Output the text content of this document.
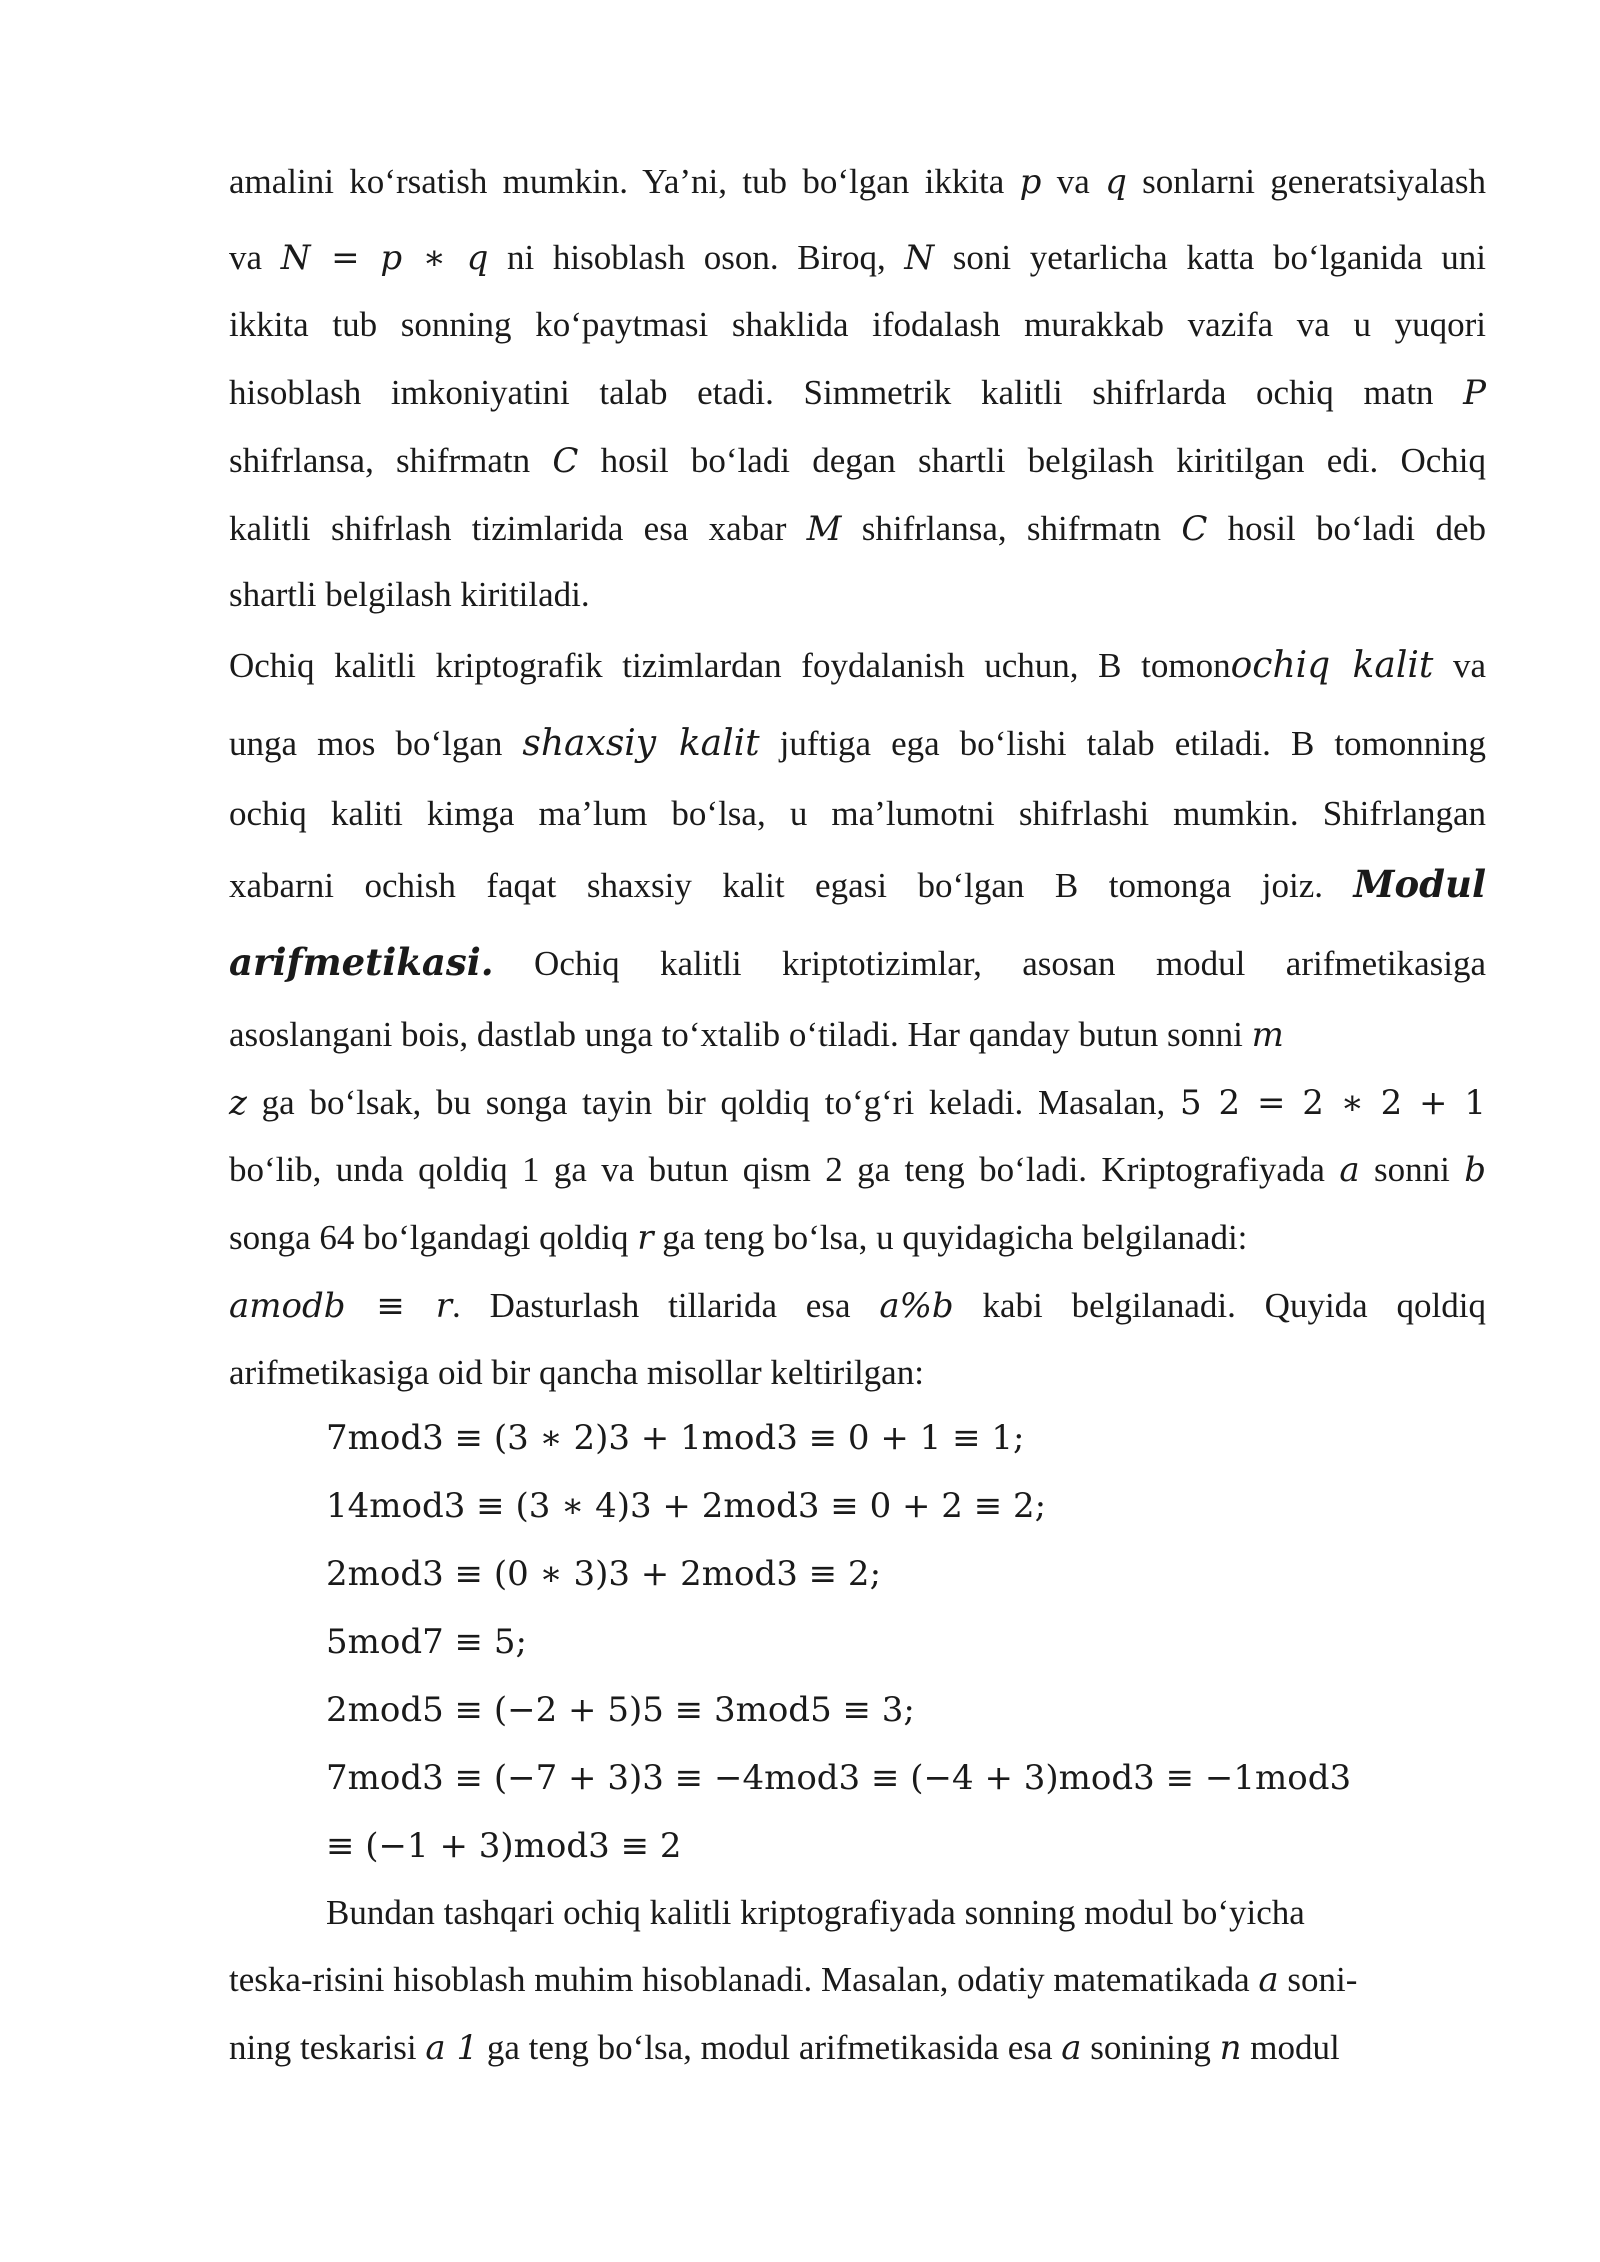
amalini ko‘rsatish mumkin. Ya’ni, tub bo‘lgan ikkita p va q sonlarni generatsiyalash
va N = p ∗ q ni hisoblash oson. Biroq, N soni yetarlicha katta bo‘lganida uni
ikkita tub sonning ko‘paytmasi shaklida ifodalash murakkab vazifa va u yuqori
hisoblash imkoniyatini talab etadi. Simmetrik kalitli shifrlarda ochiq matn P
shifrlansa, shifrmatn C hosil bo‘ladi degan shartli belgilash kiritilgan edi. Ochiq
kalitli shifrlash tizimlarida esa xabar M shifrlansa, shifrmatn C hosil bo‘ladi deb
shartli belgilash kiritiladi.
Ochiq kalitli kriptografik tizimlardan foydalanish uchun, B tomonochiq kalit va
unga mos bo‘lgan shaxsiy kalit juftiga ega bo‘lishi talab etiladi. B tomonning
ochiq kaliti kimga ma’lum bo‘lsa, u ma’lumotni shifrlashi mumkin. Shifrlangan
xabarni ochish faqat shaxsiy kalit egasi bo‘lgan B tomonga joiz. Modul
arifmetikasi. Ochiq kalitli kriptotizimlar, asosan modul arifmetikasiga
asoslangani bois, dastlab unga to‘xtalib o‘tiladi. Har qanday butun sonni m
z ga bo‘lsak, bu songa tayin bir qoldiq to‘g‘ri keladi. Masalan, 5 2 = 2 ∗ 2 + 1
bo‘lib, unda qoldiq 1 ga va butun qism 2 ga teng bo‘ladi. Kriptografiyada a sonni b
songa 64 bo‘lgandagi qoldiq r ga teng bo‘lsa, u quyidagicha belgilanadi:
amodb ≡ r. Dasturlash tillarida esa a%b kabi belgilanadi. Quyida qoldiq
arifmetikasiga oid bir qancha misollar keltirilgan:
7mod3 ≡ (3 ∗ 2)3 + 1mod3 ≡ 0 + 1 ≡ 1;
14mod3 ≡ (3 ∗ 4)3 + 2mod3 ≡ 0 + 2 ≡ 2;
2mod3 ≡ (0 ∗ 3)3 + 2mod3 ≡ 2;
5mod7 ≡ 5;
2mod5 ≡ (−2 + 5)5 ≡ 3mod5 ≡ 3;
7mod3 ≡ (−7 + 3)3 ≡ −4mod3 ≡ (−4 + 3)mod3 ≡ −1mod3
≡ (−1 + 3)mod3 ≡ 2
Bundan tashqari ochiq kalitli kriptografiyada sonning modul bo‘yicha
teska-risini hisoblash muhim hisoblanadi. Masalan, odatiy matematikada a soni-
ning teskarisi a 1 ga teng bo‘lsa, modul arifmetikasida esa a sonining n modul
